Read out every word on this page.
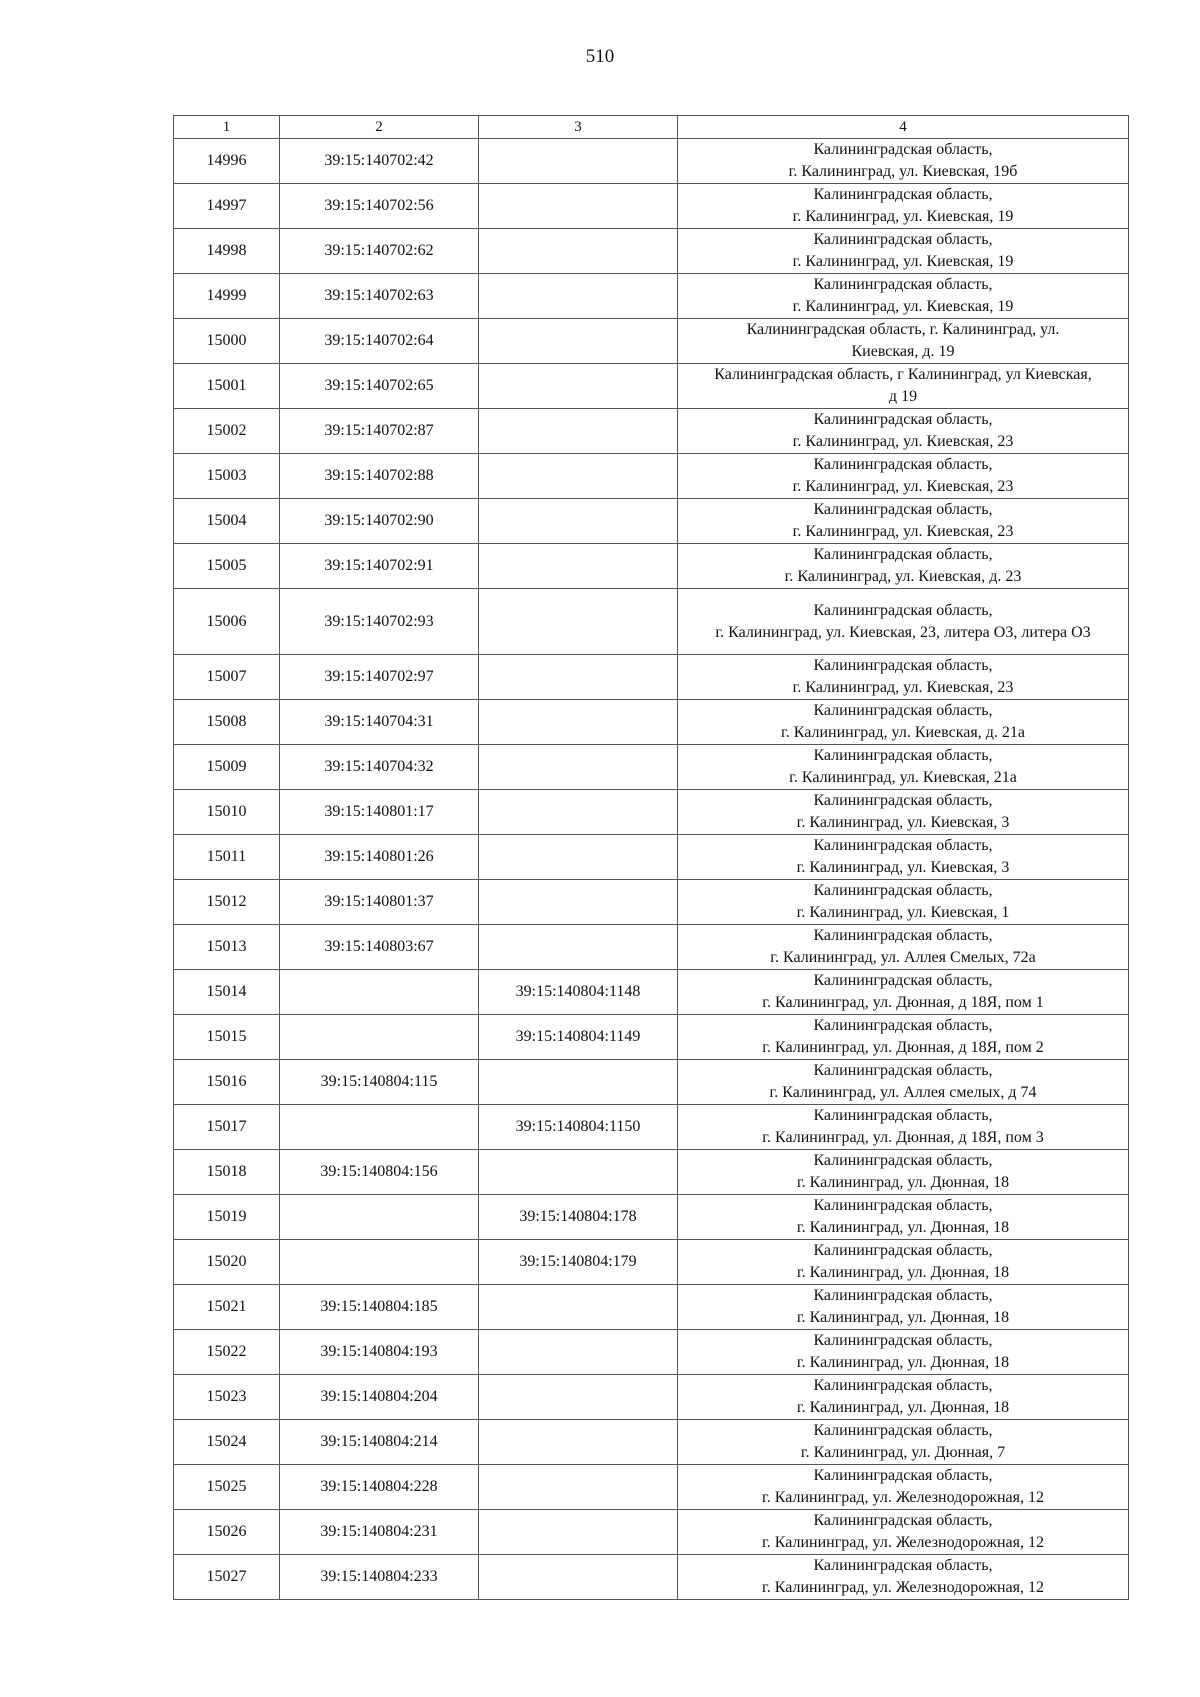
510
1	2	3	4
14996	39:15:140702:42		Калининградская область,
г. Калининград, ул. Киевская, 19б

14997	39:15:140702:56		Калининградская область,
г. Калининград, ул. Киевская, 19

14998	39:15:140702:62		Калининградская область,
г. Калининград, ул. Киевская, 19

14999	39:15:140702:63		Калининградская область,
г. Калининград, ул. Киевская, 19

15000	39:15:140702:64		Калининградская область, г. Калининград, ул.
Киевская, д. 19

15001	39:15:140702:65		Калининградская область, г Калининград, ул Киевская,
д 19

15002	39:15:140702:87		Калининградская область,
г. Калининград, ул. Киевская, 23

15003	39:15:140702:88		Калининградская область,
г. Калининград, ул. Киевская, 23

15004	39:15:140702:90		Калининградская область,
г. Калининград, ул. Киевская, 23

15005	39:15:140702:91		Калининградская область,
г. Калининград, ул. Киевская, д. 23

15006	39:15:140702:93		Калининградская область,
г. Калининград, ул. Киевская, 23, литера О3, литера О3

15007	39:15:140702:97		Калининградская область,
г. Калининград, ул. Киевская, 23

15008	39:15:140704:31		Калининградская область,
г. Калининград, ул. Киевская, д. 21а

15009	39:15:140704:32		Калининградская область,
г. Калининград, ул. Киевская, 21а

15010	39:15:140801:17		Калининградская область,
г. Калининград, ул. Киевская, 3

15011	39:15:140801:26		Калининградская область,
г. Калининград, ул. Киевская, 3

15012	39:15:140801:37		Калининградская область,
г. Калининград, ул. Киевская, 1

15013	39:15:140803:67		Калининградская область,
г. Калининград, ул. Аллея Смелых, 72а

15014		39:15:140804:1148	Калининградская область,
г. Калининград, ул. Дюнная, д 18Я, пом 1

15015		39:15:140804:1149	Калининградская область,
г. Калининград, ул. Дюнная, д 18Я, пом 2

15016	39:15:140804:115		Калининградская область,
г. Калининград, ул. Аллея смелых, д 74

15017		39:15:140804:1150	Калининградская область,
г. Калининград, ул. Дюнная, д 18Я, пом 3

15018	39:15:140804:156		Калининградская область,
г. Калининград, ул. Дюнная, 18

15019		39:15:140804:178	Калининградская область,
г. Калининград, ул. Дюнная, 18

15020		39:15:140804:179	Калининградская область,
г. Калининград, ул. Дюнная, 18

15021	39:15:140804:185		Калининградская область,
г. Калининград, ул. Дюнная, 18

15022	39:15:140804:193		Калининградская область,
г. Калининград, ул. Дюнная, 18

15023	39:15:140804:204		Калининградская область,
г. Калининград, ул. Дюнная, 18

15024	39:15:140804:214		Калининградская область,
г. Калининград, ул. Дюнная, 7

15025	39:15:140804:228		Калининградская область,
г. Калининград, ул. Железнодорожная, 12

15026	39:15:140804:231		Калининградская область,
г. Калининград, ул. Железнодорожная, 12

15027	39:15:140804:233		Калининградская область,
г. Калининград, ул. Железнодорожная, 12
